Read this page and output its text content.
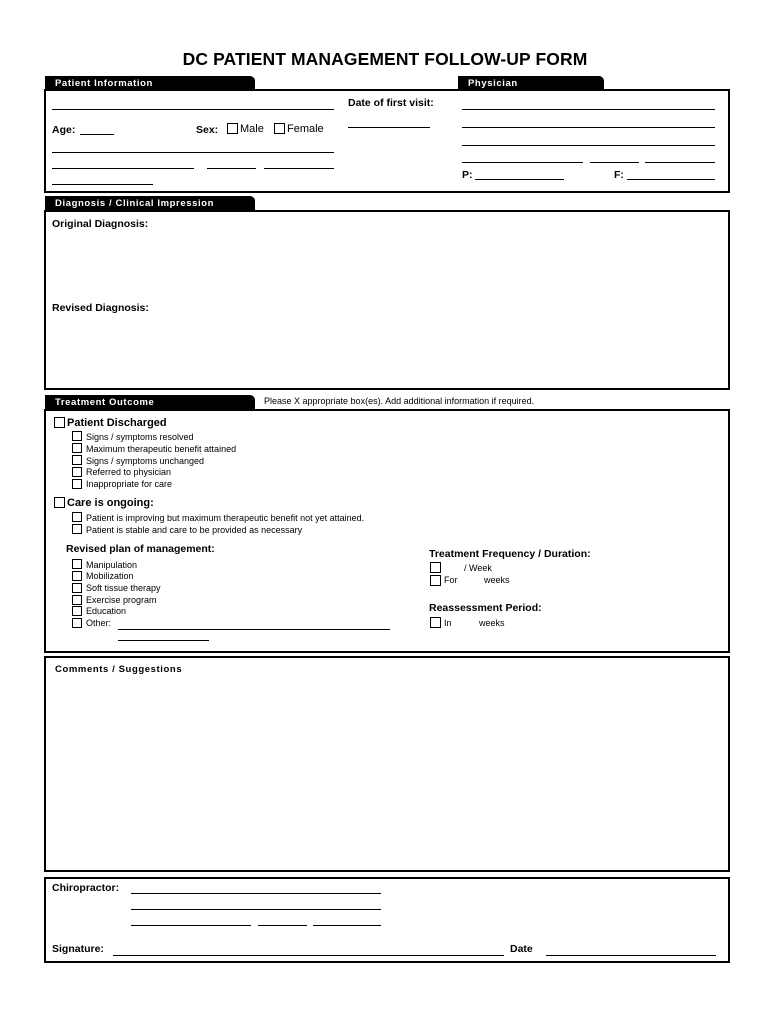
DC PATIENT MANAGEMENT FOLLOW-UP FORM
Patient Information	Physician
Date of first visit:
Age:	Sex: Male Female
P:	F:
Diagnosis / Clinical Impression
Original Diagnosis:
Revised Diagnosis:
Treatment Outcome	Please X appropriate box(es). Add additional information if required.
Patient Discharged
Signs / symptoms resolved
Maximum therapeutic benefit attained
Signs / symptoms unchanged
Referred to physician
Inappropriate for care
Care is ongoing:
Patient is improving but maximum therapeutic benefit not yet attained.
Patient is stable and care to be provided as necessary
Revised plan of management:
Manipulation
Mobilization
Soft tissue therapy
Exercise program
Education
Other:
Treatment Frequency / Duration:
/ Week
For	weeks
Reassessment Period:
In	weeks
Comments / Suggestions
Chiropractor:
Signature:	Date
